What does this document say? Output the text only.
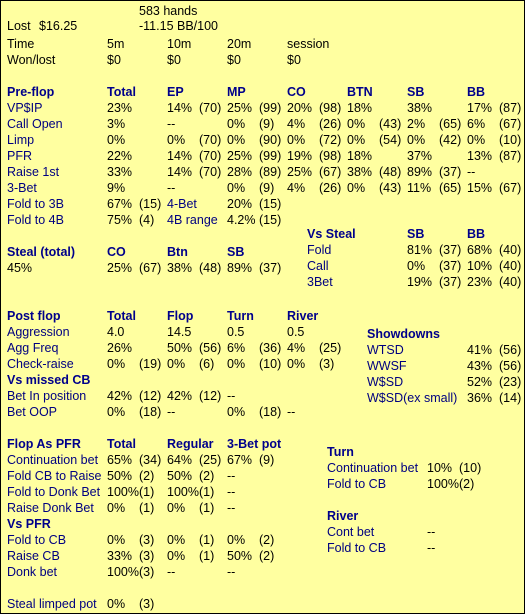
583 hands
Lost $16.25	-11.15 BB/100
Time	5m	10m	20m	session
Won/lost	$0	$0	$0	$0
Pre-flop	Total EP	MP	CO	BTN	SB	BB
VP$IP	23%	14% (70) 25% (99) 20% (98) 18%	38%	17% (87)
Call Open	3%	--	0% (9) 4% (26) 0% (43) 2% (65) 6% (67)
Limp	0%	0% (70) 0% (90) 0% (72) 0% (54) 0% (42) 0% (10)
PFR	22%	14% (70) 25% (99) 19% (98) 18%	37%	13% (87)
Raise 1st	33%	14% (70) 28% (89) 25% (67) 38% (48) 89% (37) --
3-Bet	9%	--	0% (9) 4% (26) 0% (43) 11% (65) 15% (67)
Fold to 3B	67% (15) 4-Bet 20% (15)
Fold to 4B	75% (4) 4B range 4.2% (15)
Vs Steal	SB	BB
Fold	81% (37) 68% (40)
Call	0% (37) 10% (40)
3Bet	19% (37) 23% (40)
Steal (total)	CO	Btn	SB
45%	25% (67) 38% (48) 89% (37)
Post flop	Total Flop	Turn	River
Aggression	4.0	14.5	0.5	0.5
Agg Freq	26%	50% (56) 6% (36) 4% (25)
Check-raise	0% (19) 0% (6) 0% (10) 0% (3)
Vs missed CB
Bet In position 42% (12) 42% (12) --
Bet OOP	0% (18) --	0% (18) --
Showdowns
WTSD	41% (56)
WWSF	43% (56)
W$SD	52% (23)
W$SD(ex small) 36% (14)
Flop As PFR Total Regular 3-Bet pot
Continuation bet 65% (34) 64% (25) 67% (9)
Fold CB to Raise 50% (2) 50% (2) --
Fold to Donk Bet 100% (1) 100% (1) --
Raise Donk Bet 0% (1) 0% (1) --
Vs PFR
Fold to CB	0% (3) 0% (1) 0% (2)
Raise CB	33% (3) 0% (1) 50% (2)
Donk bet	100% (3) --	--
Turn
Continuation bet 10% (10)
Fold to CB	100% (2)
River
Cont bet	--
Fold to CB	--
Steal limped pot 0% (3)
